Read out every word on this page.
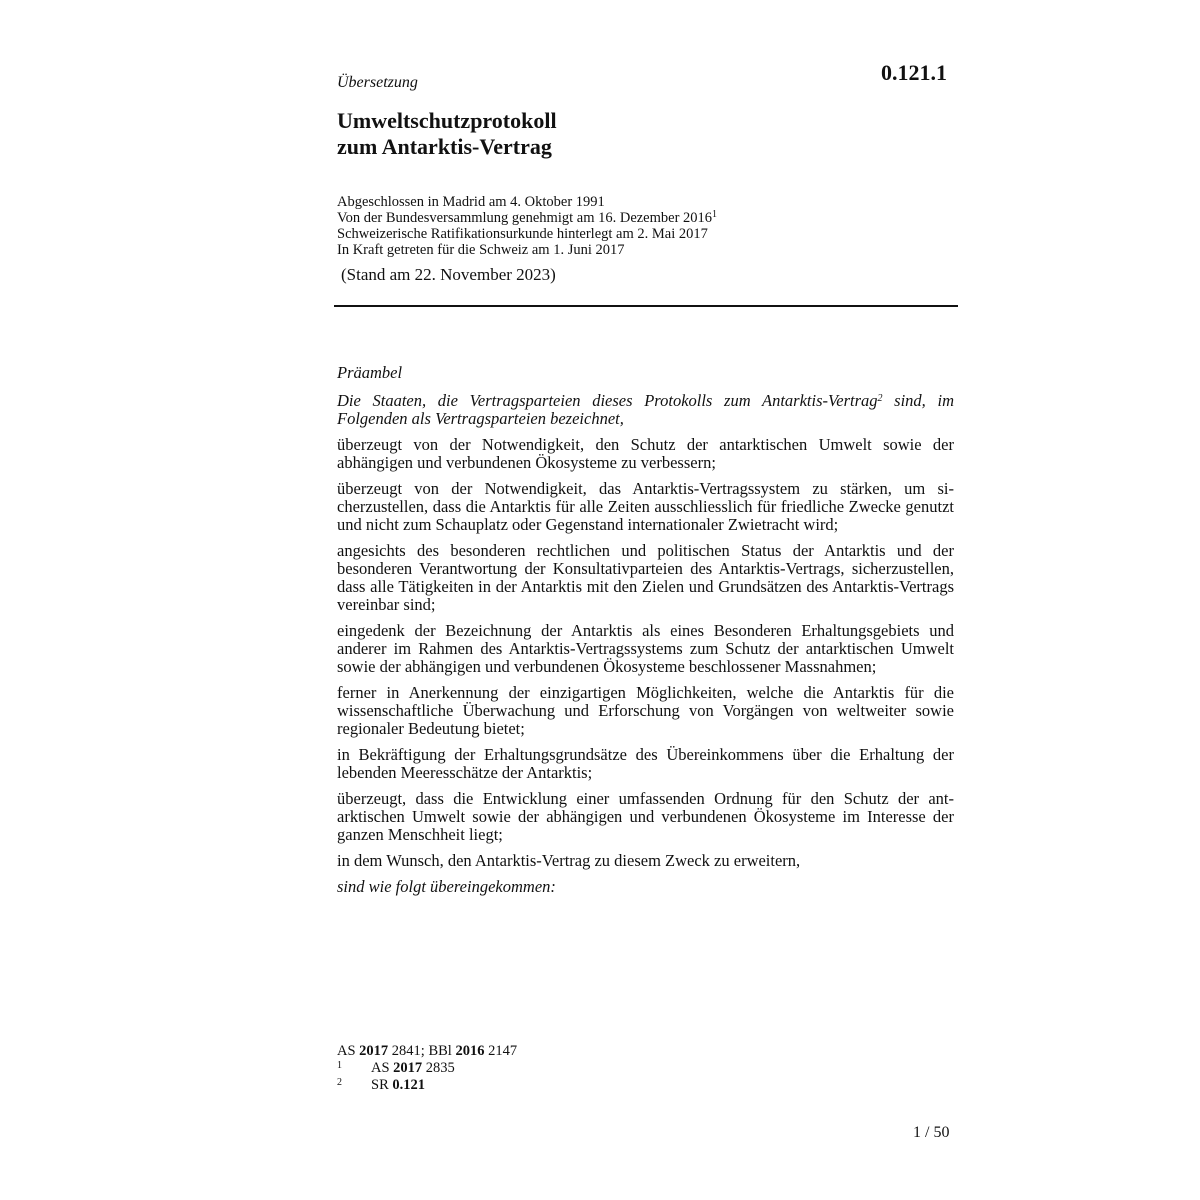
Übersetzung	0.121.1
Umweltschutzprotokoll
zum Antarktis-Vertrag
Abgeschlossen in Madrid am 4. Oktober 1991
Von der Bundesversammlung genehmigt am 16. Dezember 2016$^1$
Schweizerische Ratifikationsurkunde hinterlegt am 2. Mai 2017
In Kraft getreten für die Schweiz am 1. Juni 2017
(Stand am 22. November 2023)
Präambel

Die Staaten, die Vertragsparteien dieses Protokolls zum Antarktis-Vertrag$^2$ sind, im Folgenden als Vertragsparteien bezeichnet,

überzeugt von der Notwendigkeit, den Schutz der antarktischen Umwelt sowie der abhängigen und verbundenen Ökosysteme zu verbessern;

überzeugt von der Notwendigkeit, das Antarktis-Vertragssystem zu stärken, um sicherzustellen, dass die Antarktis für alle Zeiten ausschliesslich für friedliche Zwecke genutzt und nicht zum Schauplatz oder Gegenstand internationaler Zwietracht wird;

angesichts des besonderen rechtlichen und politischen Status der Antarktis und der besonderen Verantwortung der Konsultativparteien des Antarktis-Vertrags, sicherzustellen, dass alle Tätigkeiten in der Antarktis mit den Zielen und Grundsätzen des Antarktis-Vertrags vereinbar sind;

eingedenk der Bezeichnung der Antarktis als eines Besonderen Erhaltungsgebiets und anderer im Rahmen des Antarktis-Vertragssystems zum Schutz der antarktischen Umwelt sowie der abhängigen und verbundenen Ökosysteme beschlossener Massnahmen;

ferner in Anerkennung der einzigartigen Möglichkeiten, welche die Antarktis für die wissenschaftliche Überwachung und Erforschung von Vorgängen von weltweiter sowie regionaler Bedeutung bietet;

in Bekräftigung der Erhaltungsgrundsätze des Übereinkommens über die Erhaltung der lebenden Meeresschätze der Antarktis;

überzeugt, dass die Entwicklung einer umfassenden Ordnung für den Schutz der antarktischen Umwelt sowie der abhängigen und verbundenen Ökosysteme im Interesse der ganzen Menschheit liegt;

in dem Wunsch, den Antarktis-Vertrag zu diesem Zweck zu erweitern,

sind wie folgt übereingekommen:

AS 2017 2841; BBl 2016 2147
1	AS 2017 2835
2	SR 0.121
1 / 50
